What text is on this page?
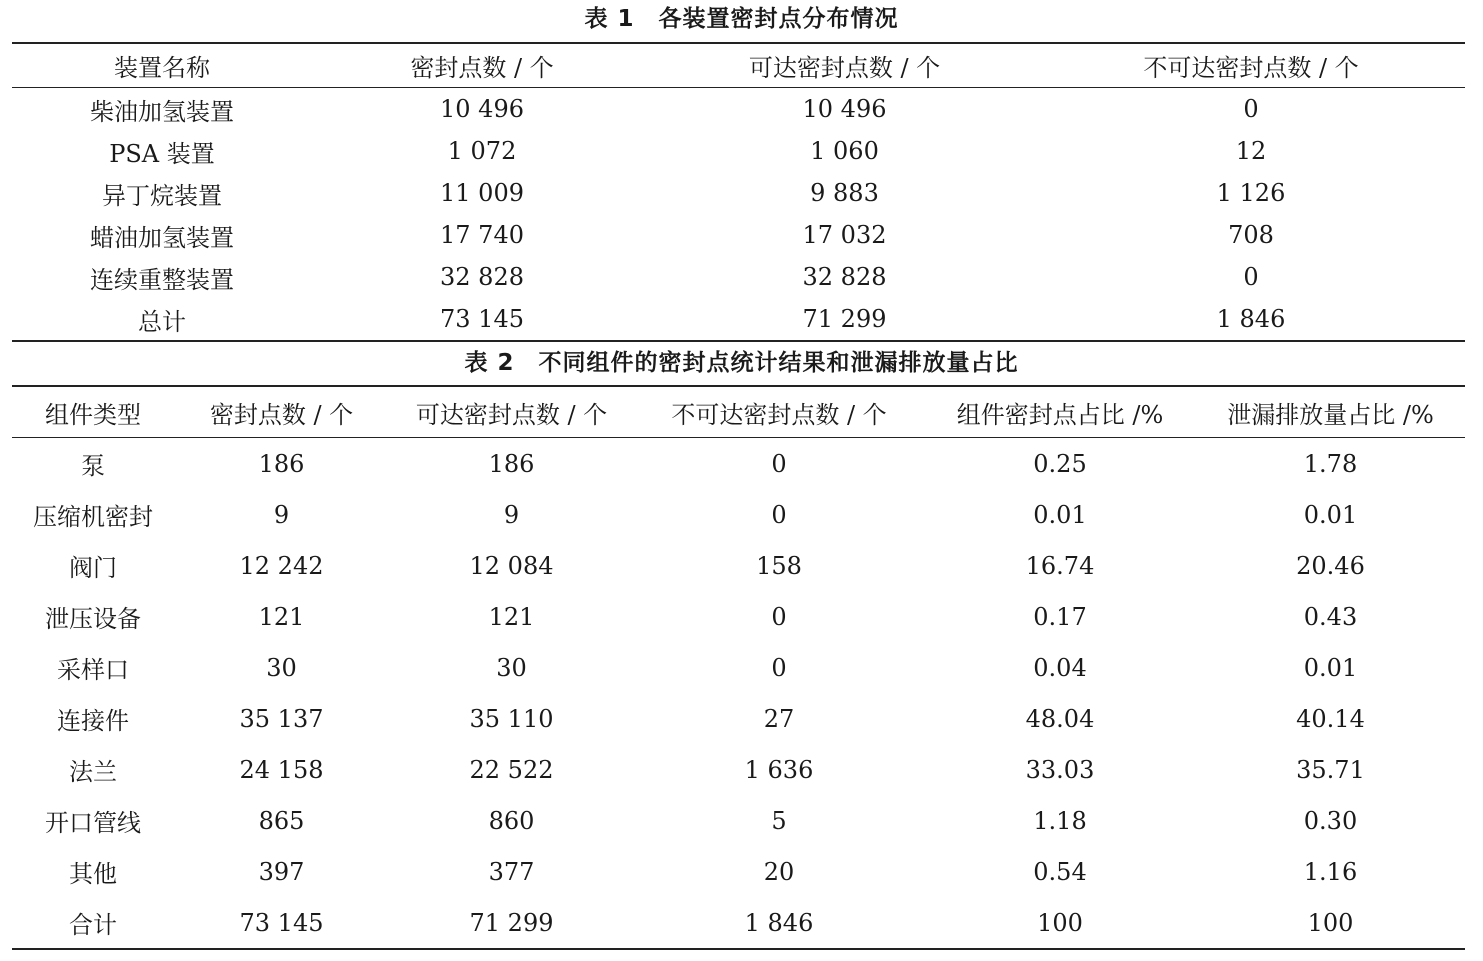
表 1　各装置密封点分布情况
装置名称	密封点数 / 个	可达密封点数 / 个	不可达密封点数 / 个
柴油加氢装置	10 496	10 496	0
PSA 装置	1 072	1 060	12
异丁烷装置	11 009	9 883	1 126
蜡油加氢装置	17 740	17 032	708
连续重整装置	32 828	32 828	0
总计	73 145	71 299	1 846
表 2　不同组件的密封点统计结果和泄漏排放量占比
组件类型	密封点数 / 个	可达密封点数 / 个	不可达密封点数 / 个	组件密封点占比 /%	泄漏排放量占比 /%
泵	186	186	0	0.25	1.78
压缩机密封	9	9	0	0.01	0.01
阀门	12 242	12 084	158	16.74	20.46
泄压设备	121	121	0	0.17	0.43
采样口	30	30	0	0.04	0.01
连接件	35 137	35 110	27	48.04	40.14
法兰	24 158	22 522	1 636	33.03	35.71
开口管线	865	860	5	1.18	0.30
其他	397	377	20	0.54	1.16
合计	73 145	71 299	1 846	100	100
